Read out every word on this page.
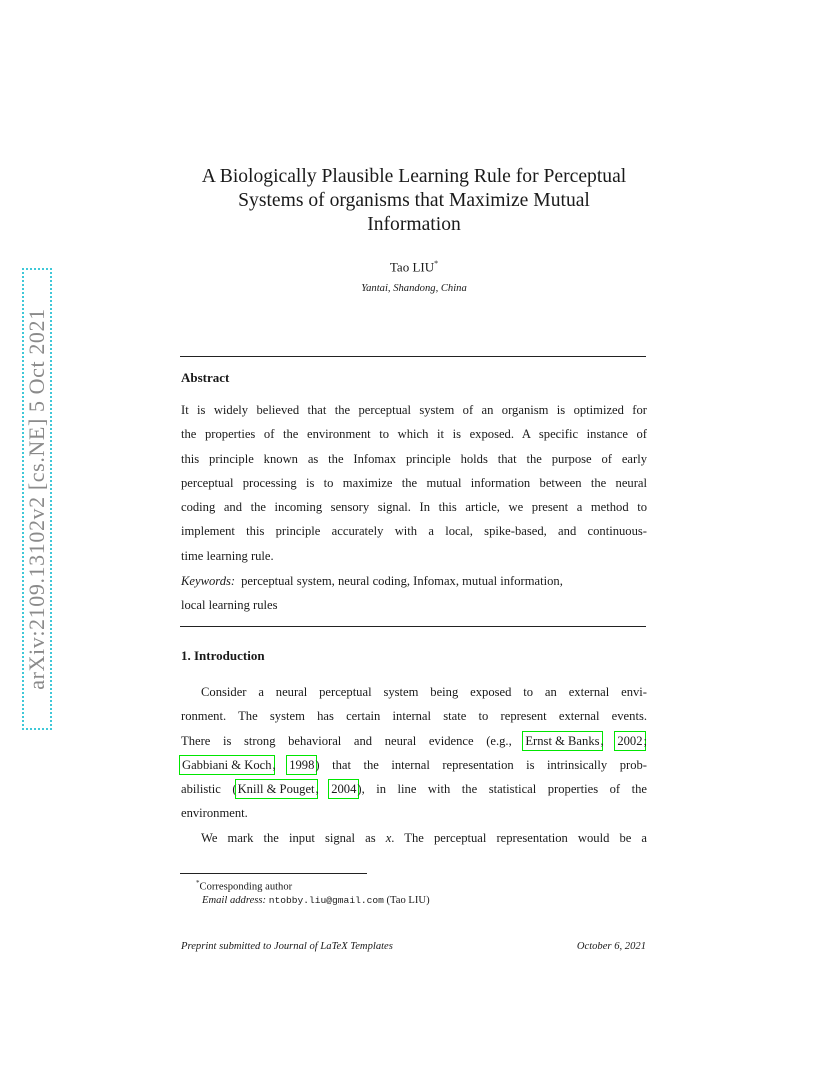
arXiv:2109.13102v2 [cs.NE] 5 Oct 2021
A Biologically Plausible Learning Rule for Perceptual
Systems of organisms that Maximize Mutual
Information
Tao LIU*
Yantai, Shandong, China
Abstract
It is widely believed that the perceptual system of an organism is optimized for
the properties of the environment to which it is exposed. A specific instance of
this principle known as the Infomax principle holds that the purpose of early
perceptual processing is to maximize the mutual information between the neural
coding and the incoming sensory signal. In this article, we present a method to
implement this principle accurately with a local, spike-based, and continuous-
time learning rule.
Keywords: perceptual system, neural coding, Infomax, mutual information,
local learning rules
1. Introduction
Consider a neural perceptual system being exposed to an external envi-
ronment. The system has certain internal state to represent external events.
There is strong behavioral and neural evidence (e.g., Ernst & Banks, 2002;
Gabbiani & Koch, 1998) that the internal representation is intrinsically prob-
abilistic (Knill & Pouget, 2004), in line with the statistical properties of the
environment.
We mark the input signal as x. The perceptual representation would be a
*Corresponding author
Email address: ntobby.liu@gmail.com (Tao LIU)
Preprint submitted to Journal of LaTeX Templates	October 6, 2021
